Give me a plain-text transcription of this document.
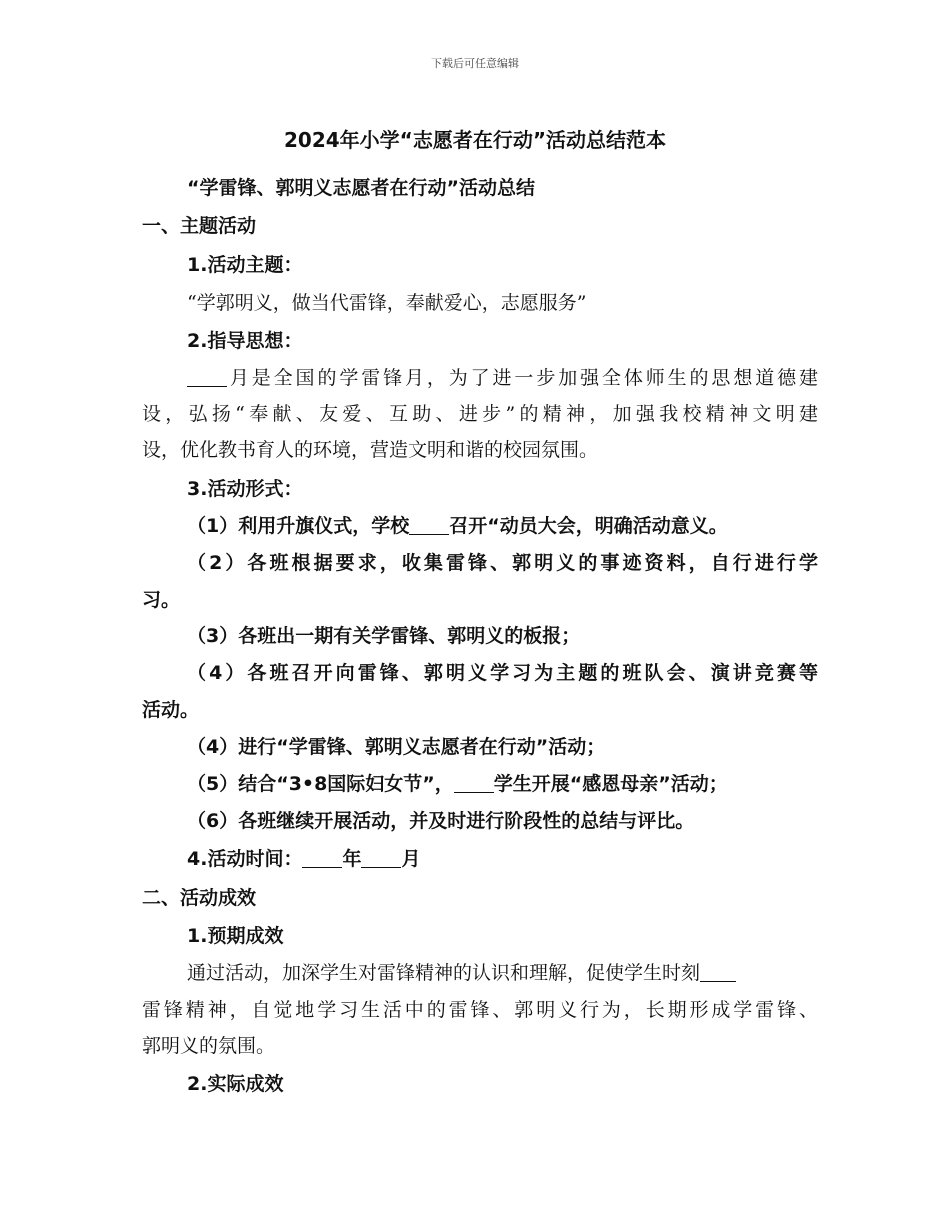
下载后可任意编辑
2024年小学“志愿者在行动”活动总结范本
“学雷锋、郭明义志愿者在行动”活动总结
一、主题活动
1.活动主题：
“学郭明义，做当代雷锋，奉献爱心，志愿服务”
2.指导思想：
月是全国的学雷锋月，为了进一步加强全体师生的思想道德建
设，弘扬“奉献、友爱、互助、进步”的精神，加强我校精神文明建
设，优化教书育人的环境，营造文明和谐的校园氛围。
3.活动形式：
（1）利用升旗仪式，学校 召开“动员大会，明确活动意义。
（2）各班根据要求，收集雷锋、郭明义的事迹资料，自行进行学
习。
（3）各班出一期有关学雷锋、郭明义的板报；
（4）各班召开向雷锋、郭明义学习为主题的班队会、演讲竞赛等
活动。
（4）进行“学雷锋、郭明义志愿者在行动”活动；
（5）结合“3•8国际妇女节”， 学生开展“感恩母亲”活动；
（6）各班继续开展活动，并及时进行阶段性的总结与评比。
4.活动时间： 年 月
二、活动成效
1.预期成效
通过活动，加深学生对雷锋精神的认识和理解，促使学生时刻
雷锋精神，自觉地学习生活中的雷锋、郭明义行为，长期形成学雷锋、
郭明义的氛围。
2.实际成效
